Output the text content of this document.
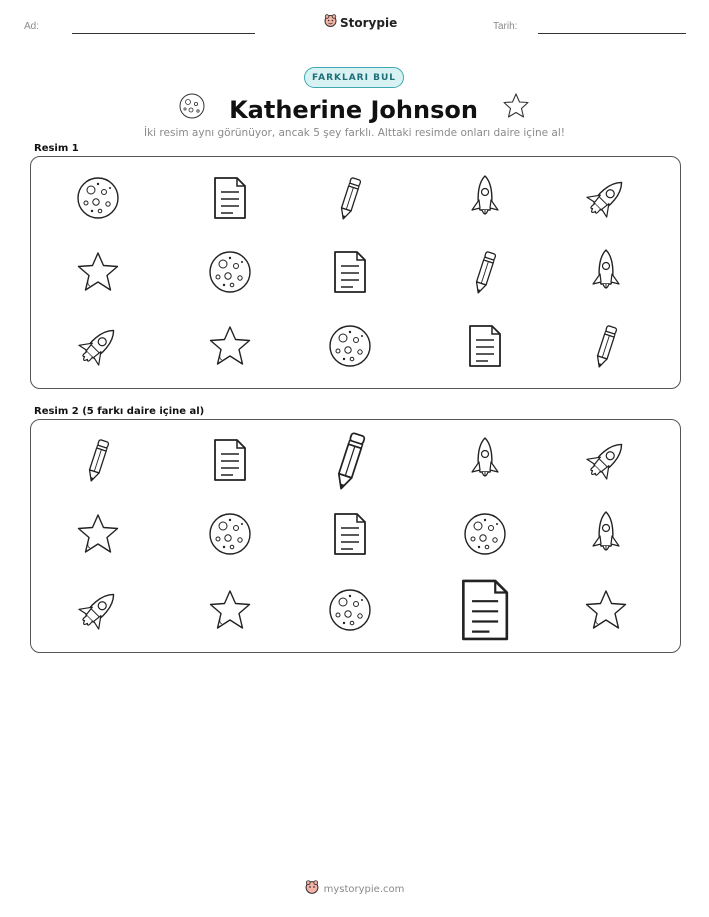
Ad:	Storypie	Tarih:
FARKLARI BUL
Katherine Johnson
İki resim aynı görünüyor, ancak 5 şey farklı. Alttaki resimde onları daire içine al!
Resim 1
Resim 2 (5 farkı daire içine al)
mystorypie.com
